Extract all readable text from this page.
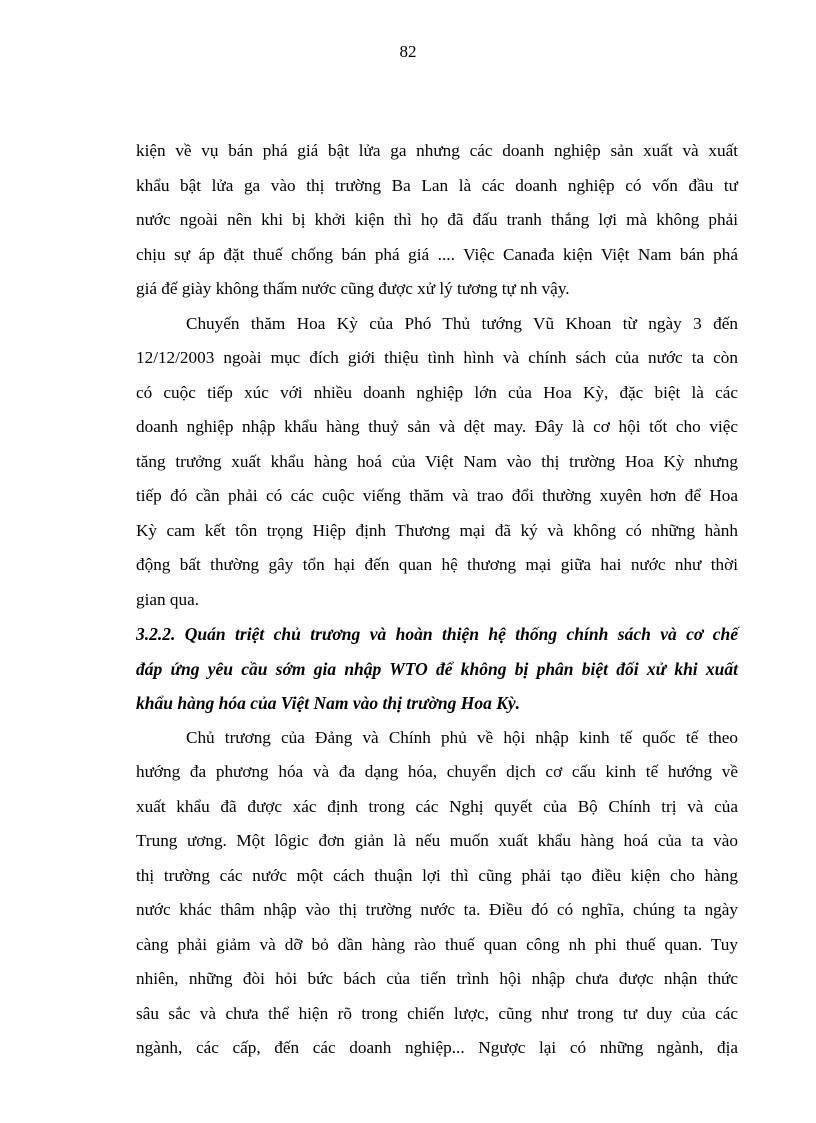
82
kiện về vụ bán phá giá bật lửa ga nhưng các doanh nghiệp sản xuất và xuất
khẩu bật lửa ga vào thị trường Ba Lan là các doanh nghiệp có vốn đầu tư
nước ngoài nên khi bị khởi kiện thì họ đã đấu tranh thắng lợi mà không phải
chịu sự áp đặt thuế chống bán phá giá .... Việc Canađa kiện Việt Nam bán phá
giá đế giày không thấm nước cũng được xử lý tương tự nh vậy.
Chuyến thăm Hoa Kỳ của Phó Thủ tướng Vũ Khoan từ ngày 3 đến
12/12/2003 ngoài mục đích giới thiệu tình hình và chính sách của nước ta còn
có cuộc tiếp xúc với nhiều doanh nghiệp lớn của Hoa Kỳ, đặc biệt là các
doanh nghiệp nhập khẩu hàng thuỷ sản và dệt may. Đây là cơ hội tốt cho việc
tăng trưởng xuất khẩu hàng hoá của Việt Nam vào thị trường Hoa Kỳ nhưng
tiếp đó cần phải có các cuộc viếng thăm và trao đổi thường xuyên hơn để Hoa
Kỳ cam kết tôn trọng Hiệp định Thương mại đã ký và không có những hành
động bất thường gây tổn hại đến quan hệ thương mại giữa hai nước như thời
gian qua.
3.2.2. Quán triệt chủ trương và hoàn thiện hệ thống chính sách và cơ chế
đáp ứng yêu cầu sớm gia nhập WTO để không bị phân biệt đối xử khi xuất
khẩu hàng hóa của Việt Nam vào thị trường Hoa Kỳ.
Chủ trương của Đảng và Chính phủ về hội nhập kinh tế quốc tế theo
hướng đa phương hóa và đa dạng hóa, chuyển dịch cơ cấu kinh tế hướng về
xuất khẩu đã được xác định trong các Nghị quyết của Bộ Chính trị và của
Trung ương. Một lôgic đơn giản là nếu muốn xuất khẩu hàng hoá của ta vào
thị trường các nước một cách thuận lợi thì cũng phải tạo điều kiện cho hàng
nước khác thâm nhập vào thị trường nước ta. Điều đó có nghĩa, chúng ta ngày
càng phải giảm và dỡ bỏ dần hàng rào thuế quan công nh phi thuế quan. Tuy
nhiên, những đòi hỏi bức bách của tiến trình hội nhập chưa được nhận thức
sâu sắc và chưa thể hiện rõ trong chiến lược, cũng như trong tư duy của các
ngành, các cấp, đến các doanh nghiệp... Ngược lại có những ngành, địa
